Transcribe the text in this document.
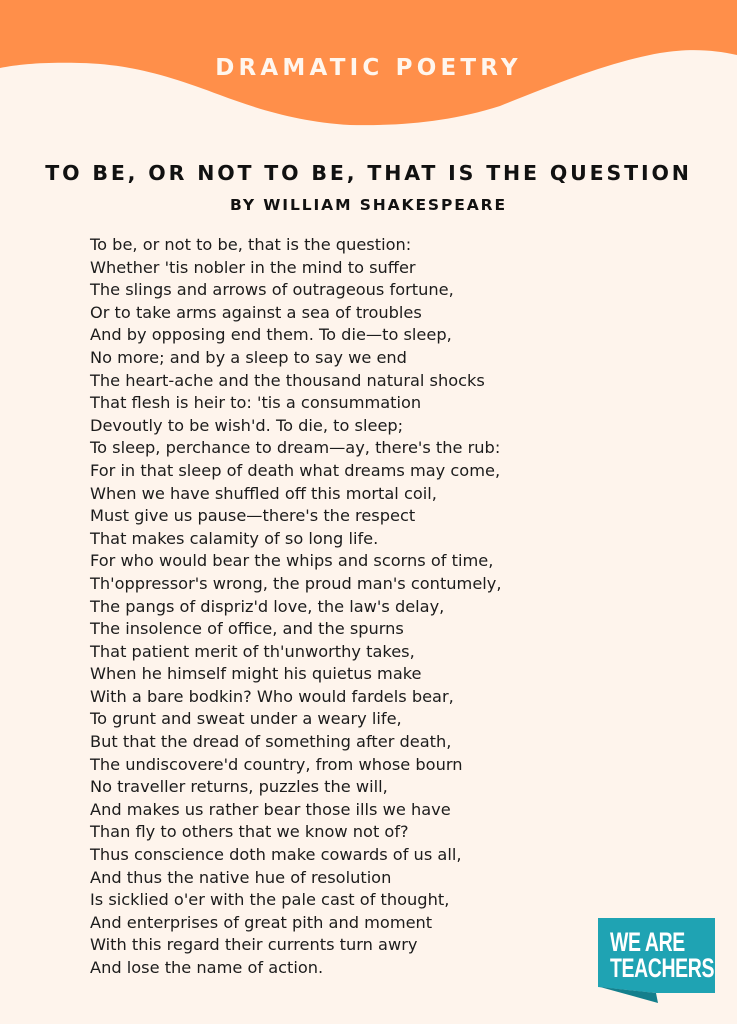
DRAMATIC POETRY
TO BE, OR NOT TO BE, THAT IS THE QUESTION
BY WILLIAM SHAKESPEARE
To be, or not to be, that is the question:
Whether 'tis nobler in the mind to suffer
The slings and arrows of outrageous fortune,
Or to take arms against a sea of troubles
And by opposing end them. To die—to sleep,
No more; and by a sleep to say we end
The heart-ache and the thousand natural shocks
That flesh is heir to: 'tis a consummation
Devoutly to be wish'd. To die, to sleep;
To sleep, perchance to dream—ay, there's the rub:
For in that sleep of death what dreams may come,
When we have shuffled off this mortal coil,
Must give us pause—there's the respect
That makes calamity of so long life.
For who would bear the whips and scorns of time,
Th'oppressor's wrong, the proud man's contumely,
The pangs of dispriz'd love, the law's delay,
The insolence of office, and the spurns
That patient merit of th'unworthy takes,
When he himself might his quietus make
With a bare bodkin? Who would fardels bear,
To grunt and sweat under a weary life,
But that the dread of something after death,
The undiscovere'd country, from whose bourn
No traveller returns, puzzles the will,
And makes us rather bear those ills we have
Than fly to others that we know not of?
Thus conscience doth make cowards of us all,
And thus the native hue of resolution
Is sicklied o'er with the pale cast of thought,
And enterprises of great pith and moment
With this regard their currents turn awry
And lose the name of action.
WE ARE
TEACHERS
